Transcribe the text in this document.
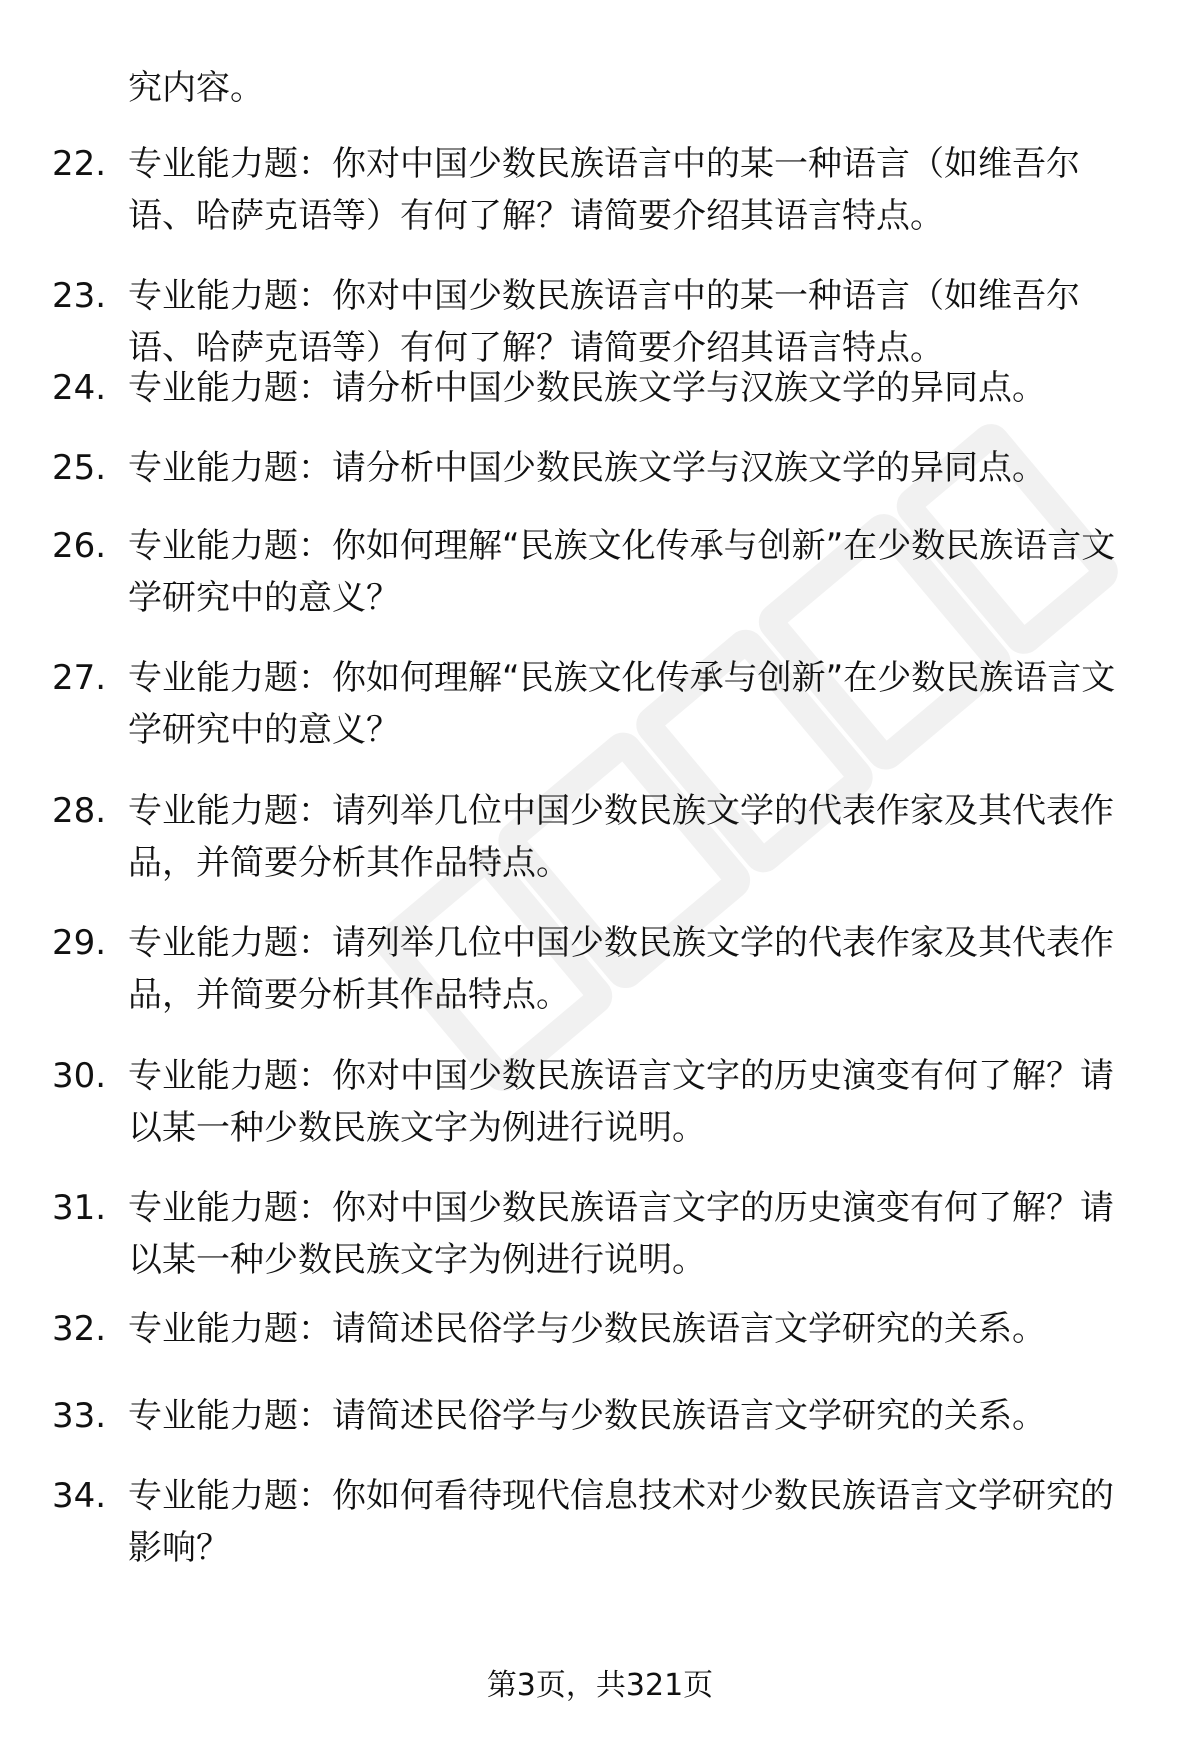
究内容。
22. 专业能力题：你对中国少数民族语言中的某一种语言（如维吾尔语、哈萨克语等）有何了解？请简要介绍其语言特点。
23. 专业能力题：你对中国少数民族语言中的某一种语言（如维吾尔语、哈萨克语等）有何了解？请简要介绍其语言特点。
24. 专业能力题：请分析中国少数民族文学与汉族文学的异同点。
25. 专业能力题：请分析中国少数民族文学与汉族文学的异同点。
26. 专业能力题：你如何理解“民族文化传承与创新”在少数民族语言文学研究中的意义？
27. 专业能力题：你如何理解“民族文化传承与创新”在少数民族语言文学研究中的意义？
28. 专业能力题：请列举几位中国少数民族文学的代表作家及其代表作品，并简要分析其作品特点。
29. 专业能力题：请列举几位中国少数民族文学的代表作家及其代表作品，并简要分析其作品特点。
30. 专业能力题：你对中国少数民族语言文字的历史演变有何了解？请以某一种少数民族文字为例进行说明。
31. 专业能力题：你对中国少数民族语言文字的历史演变有何了解？请以某一种少数民族文字为例进行说明。
32. 专业能力题：请简述民俗学与少数民族语言文学研究的关系。
33. 专业能力题：请简述民俗学与少数民族语言文学研究的关系。
34. 专业能力题：你如何看待现代信息技术对少数民族语言文学研究的影响？
第3页，共321页
